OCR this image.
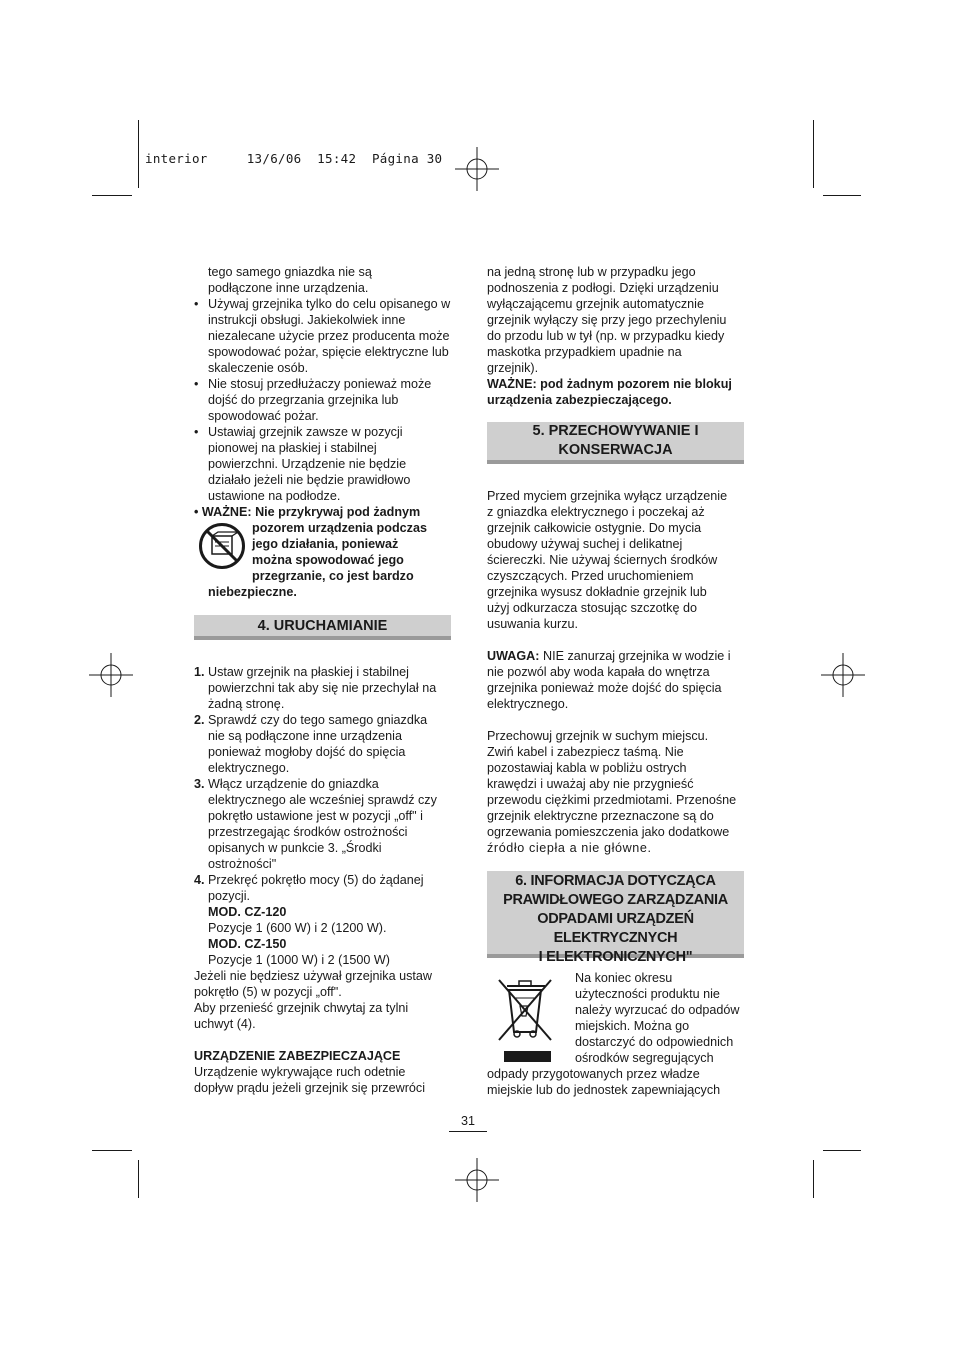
interior     13/6/06  15:42  Página 30

tego samego gniazdka nie są

podłączone inne urządzenia.

• Używaj grzejnika tylko do celu opisanego w

instrukcji obsługi. Jakiekolwiek inne

niezalecane użycie przez producenta może

spowodować pożar, spięcie elektryczne lub

skaleczenie osób.

• Nie stosuj przedłużaczy ponieważ może

dojść do przegrzania grzejnika lub

spowodować pożar.

• Ustawiaj grzejnik zawsze w pozycji

pionowej na płaskiej i stabilnej

powierzchni. Urządzenie nie będzie

działało jeżeli nie będzie prawidłowo

ustawione na podłodze.

• WAŻNE: Nie przykrywaj pod żadnym

pozorem urządzenia podczas

jego działania, ponieważ

można spowodować jego

przegrzanie, co jest bardzo

niebezpieczne.

4. URUCHAMIANIE
1. Ustaw grzejnik na płaskiej i stabilnej

powierzchni tak aby się nie przechylał na

żadną stronę.

2. Sprawdź czy do tego samego gniazdka

nie są podłączone inne urządzenia

ponieważ mogłoby dojść do spięcia

elektrycznego.

3. Włącz urządzenie do gniazdka

elektrycznego ale wcześniej sprawdź czy

pokrętło ustawione jest w pozycji „off" i

przestrzegając środków ostrożności

opisanych w punkcie 3. „Środki

ostrożności"

4. Przekręć pokrętło mocy (5) do żądanej

pozycji.

MOD. CZ-120

Pozycje 1 (600 W) i 2 (1200 W).

MOD. CZ-150

Pozycje 1 (1000 W) i 2 (1500 W)

Jeżeli nie będziesz używał grzejnika ustaw

pokrętło (5) w pozycji „off".

Aby przenieść grzejnik chwytaj za tylni

uchwyt (4).

URZĄDZENIE ZABEZPIECZAJĄCE

Urządzenie wykrywające ruch odetnie

dopływ prądu jeżeli grzejnik się przewróci

na jedną stronę lub w przypadku jego

podnoszenia z podłogi. Dzięki urządzeniu

wyłączającemu grzejnik automatycznie

grzejnik wyłączy się przy jego przechyleniu

do przodu lub w tył (np. w przypadku kiedy

maskotka przypadkiem upadnie na

grzejnik).

WAŻNE: pod żadnym pozorem nie blokuj

urządzenia zabezpieczającego.

5. PRZECHOWYWANIE I
KONSERWACJA

Przed myciem grzejnika wyłącz urządzenie

z gniazdka elektrycznego i poczekaj aż

grzejnik całkowicie ostygnie. Do mycia

obudowy używaj suchej i delikatnej

ściereczki. Nie używaj ściernych środków

czyszczących. Przed uruchomieniem

grzejnika wysusz dokładnie grzejnik lub

użyj odkurzacza stosując szczotkę do

usuwania kurzu.

UWAGA: NIE zanurzaj grzejnika w wodzie i

nie pozwól aby woda kapała do wnętrza

grzejnika ponieważ może dojść do spięcia

elektrycznego.

Przechowuj grzejnik w suchym miejscu.

Zwiń kabel i zabezpiecz taśmą. Nie

pozostawiaj kabla w pobliżu ostrych

krawędzi i uważaj aby nie przygnieść

przewodu ciężkimi przedmiotami. Przenośne

grzejnik elektryczne przeznaczone są do

ogrzewania pomieszczenia jako dodatkowe

źródło ciepła a nie główne.

6. INFORMACJA DOTYCZĄCA
PRAWIDŁOWEGO ZARZĄDZANIA
ODPADAMI URZĄDZEŃ ELEKTRYCZNYCH
I ELEKTRONICZNYCH"

Na koniec okresu

użyteczności produktu nie

należy wyrzucać do odpadów

miejskich. Można go

dostarczyć do odpowiednich

ośrodków segregujących

odpady przygotowanych przez władze

miejskie lub do jednostek zapewniających

31
